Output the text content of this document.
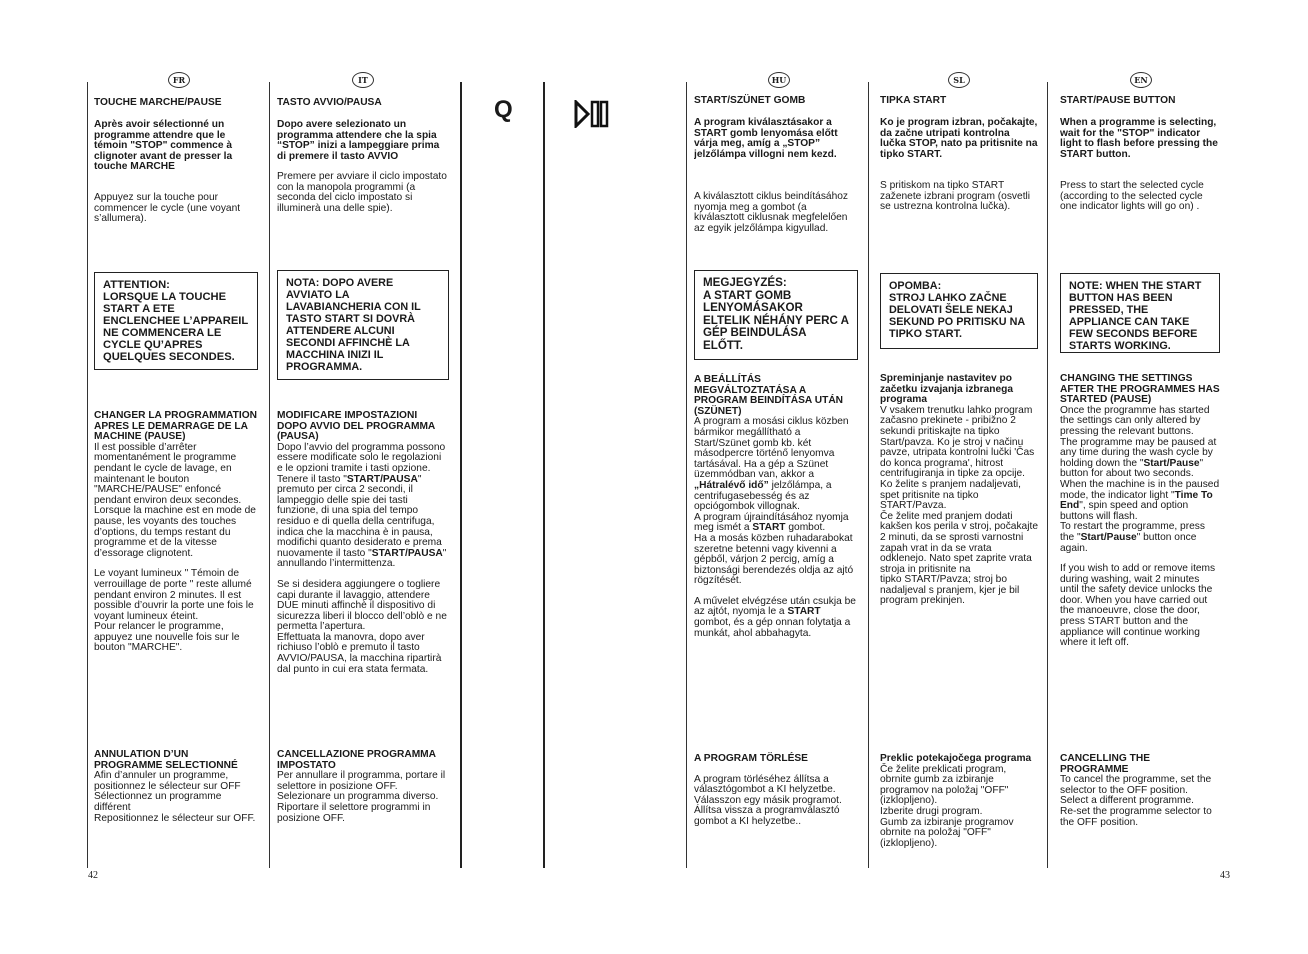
Q
FR

TOUCHE MARCHE/PAUSE

Après avoir sélectionné un programme attendre que le témoin "STOP" commence à clignoter avant de presser la touche MARCHE

Appuyez sur la touche pour commencer le cycle (une voyant s’allumera).

ATTENTION:
LORSQUE LA TOUCHE START A ETE ENCLENCHEE L’APPAREIL NE COMMENCERA LE CYCLE QU’APRES QUELQUES SECONDES.

CHANGER LA PROGRAMMATION APRES LE DEMARRAGE DE LA MACHINE (PAUSE)

Il est possible d’arrêter momentanément le programme pendant le cycle de lavage, en maintenant le bouton "MARCHE/PAUSE" enfoncé pendant environ deux secondes. Lorsque la machine est en mode de pause, les voyants des touches d’options, du temps restant du programme et de la vitesse d’essorage clignotent.

Le voyant lumineux " Témoin de verrouillage de porte " reste allumé pendant environ 2 minutes. Il est possible d’ouvrir la porte une fois le voyant lumineux éteint.
Pour relancer le programme, appuyez une nouvelle fois sur le bouton "MARCHE".

ANNULATION D’UN PROGRAMME SELECTIONNÉ

Afin d’annuler un programme, positionnez le sélecteur sur OFF Sélectionnez un programme différent
Repositionnez le sélecteur sur OFF.

IT

TASTO AVVIO/PAUSA

Dopo avere selezionato un programma attendere che la spia “STOP” inizi a lampeggiare prima di premere il tasto AVVIO

Premere per avviare il ciclo impostato con la manopola programmi (a seconda del ciclo impostato si illuminerà una delle spie).

NOTA: DOPO AVERE AVVIATO LA LAVABIANCHERIA CON IL TASTO START SI DOVRÀ ATTENDERE ALCUNI SECONDI AFFINCHÈ LA MACCHINA INIZI IL PROGRAMMA.

MODIFICARE IMPOSTAZIONI DOPO AVVIO DEL PROGRAMMA (PAUSA)

Dopo l’avvio del programma possono essere modificate solo le regolazioni e le opzioni tramite i tasti opzione. Tenere il tasto "START/PAUSA" premuto per circa 2 secondi, il lampeggio delle spie dei tasti funzione, di una spia del tempo residuo e di quella della centrifuga, indica che la macchina è in pausa, modifichi quanto desiderato e prema nuovamente il tasto "START/PAUSA" annullando l’intermittenza.

Se si desidera aggiungere o togliere capi durante il lavaggio, attendere DUE minuti affinchè il dispositivo di sicurezza liberi il blocco dell’oblò e ne permetta l’apertura.
Effettuata la manovra, dopo aver richiuso l’oblò e premuto il tasto AVVIO/PAUSA, la macchina ripartirà dal punto in cui era stata fermata.

CANCELLAZIONE PROGRAMMA IMPOSTATO

Per annullare il programma, portare il selettore in posizione OFF. Selezionare un programma diverso. Riportare il selettore programmi in posizione OFF.

HU

START/SZÜNET GOMB

A program kiválasztásakor a START gomb lenyomása előtt várja meg, amíg a „STOP” jelzőlámpa villogni nem kezd.

A kiválasztott ciklus beindításához nyomja meg a gombot (a kiválasztott ciklusnak megfelelően az egyik jelzőlámpa kigyullad.

MEGJEGYZÉS:
A START GOMB LENYOMÁSAKOR ELTELIK NÉHÁNY PERC A GÉP BEINDULÁSA ELŐTT.

A BEÁLLÍTÁS MEGVÁLTOZTATÁSA A PROGRAM BEINDÍTÁSA UTÁN (SZÜNET)

A program a mosási ciklus közben bármikor megállítható a Start/Szünet gomb kb. két másodpercre történő lenyomva tartásával. Ha a gép a Szünet üzemmódban van, akkor a „Hátralévő idő” jelzőlámpa, a centrifugasebesség és az opciógombok villognak.
A program újraindításához nyomja meg ismét a START gombot.
Ha a mosás közben ruhadarabokat szeretne betenni vagy kivenni a gépből, várjon 2 percig, amíg a biztonsági berendezés oldja az ajtó rögzítését.

A művelet elvégzése után csukja be az ajtót, nyomja le a START gombot, és a gép onnan folytatja a munkát, ahol abbahagyta.

A PROGRAM TÖRLÉSE

A program törléséhez állítsa a választógombot a KI helyzetbe. Válasszon egy másik programot.
Állítsa vissza a programválasztó gombot a KI helyzetbe..

SL

TIPKA START

Ko je program izbran, počakajte, da začne utripati kontrolna lučka STOP, nato pa pritisnite na tipko START.

S pritiskom na tipko START zaženete izbrani program (osvetli se ustrezna kontrolna lučka).

OPOMBA:
STROJ LAHKO ZAČNE DELOVATI ŠELE NEKAJ SEKUND PO PRITISKU NA TIPKO START.

Spreminjanje nastavitev po začetku izvajanja izbranega programa

V vsakem trenutku lahko program začasno prekinete - pribižno 2 sekundi pritiskajte na tipko Start/pavza. Ko je stroj v načinu pavze, utripata kontrolni lučki 'Čas do konca programa', hitrost centrifugiranja in tipke za opcije. Ko želite s pranjem nadaljevati, spet pritisnite na tipko START/Pavza.
Če želite med pranjem dodati kakšen kos perila v stroj, počakajte 2 minuti, da se sprosti varnostni zapah vrat in da se vrata odklenejo. Nato spet zaprite vrata stroja in pritisnite na
tipko START/Pavza; stroj bo nadaljeval s pranjem, kjer je bil program prekinjen.

Preklic potekajočega programa

Če želite preklicati program, obrnite gumb za izbiranje programov na položaj "OFF" (izklopljeno).
Izberite drugi program.
Gumb za izbiranje programov obrnite na položaj "OFF" (izklopljeno).

EN

START/PAUSE BUTTON

When a programme is selecting, wait for the "STOP" indicator light to flash before pressing the START button.

Press to start the selected cycle (according to the selected cycle one indicator lights will go on) .

NOTE: WHEN THE START BUTTON HAS BEEN PRESSED, THE APPLIANCE CAN TAKE FEW SECONDS BEFORE STARTS WORKING.

CHANGING THE SETTINGS AFTER THE PROGRAMMES HAS STARTED (PAUSE)

Once the programme has started the settings can only altered by pressing the relevant buttons.
The programme may be paused at any time during the wash cycle by holding down the "Start/Pause" button for about two seconds. When the machine is in the paused mode, the indicator light "Time To End", spin speed and option buttons will flash.
To restart the programme, press the "Start/Pause" button once again.

If you wish to add or remove items during washing, wait 2 minutes until the safety device unlocks the door. When you have carried out the manoeuvre, close the door, press START button and the appliance will continue working where it left off.

CANCELLING THE PROGRAMME

To cancel the programme, set the selector to the OFF position.
Select a different programme.
Re-set the programme selector to the OFF position.

42	43
